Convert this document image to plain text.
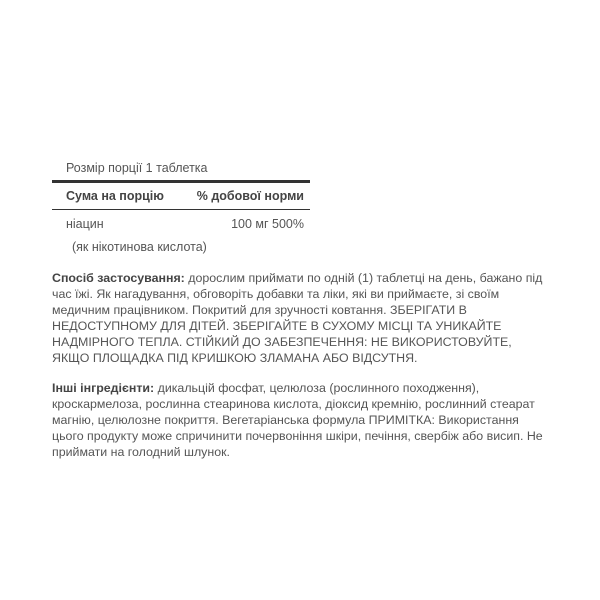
Розмір порції 1 таблетка
Сума на порцію	% добової норми
ніацин	100 мг 500%
(як нікотинова кислота)

Спосіб застосування: дорослим приймати по одній (1) таблетці на день, бажано під час їжі. Як нагадування, обговоріть добавки та ліки, які ви приймаєте, зі своїм медичним працівником. Покритий для зручності ковтання. ЗБЕРІГАТИ В НЕДОСТУПНОМУ ДЛЯ ДІТЕЙ. ЗБЕРІГАЙТЕ В СУХОМУ МІСЦІ ТА УНИКАЙТЕ НАДМІРНОГО ТЕПЛА. СТІЙКИЙ ДО ЗАБЕЗПЕЧЕННЯ: НЕ ВИКОРИСТОВУЙТЕ, ЯКЩО ПЛОЩАДКА ПІД КРИШКОЮ ЗЛАМАНА АБО ВІДСУТНЯ.

Інші інгредієнти: дикальцій фосфат, целюлоза (рослинного походження), кроскармелоза, рослинна стеаринова кислота, діоксид кремнію, рослинний стеарат магнію, целюлозне покриття. Вегетаріанська формула ПРИМІТКА: Використання цього продукту може спричинити почервоніння шкіри, печіння, свербіж або висип. Не приймати на голодний шлунок.
